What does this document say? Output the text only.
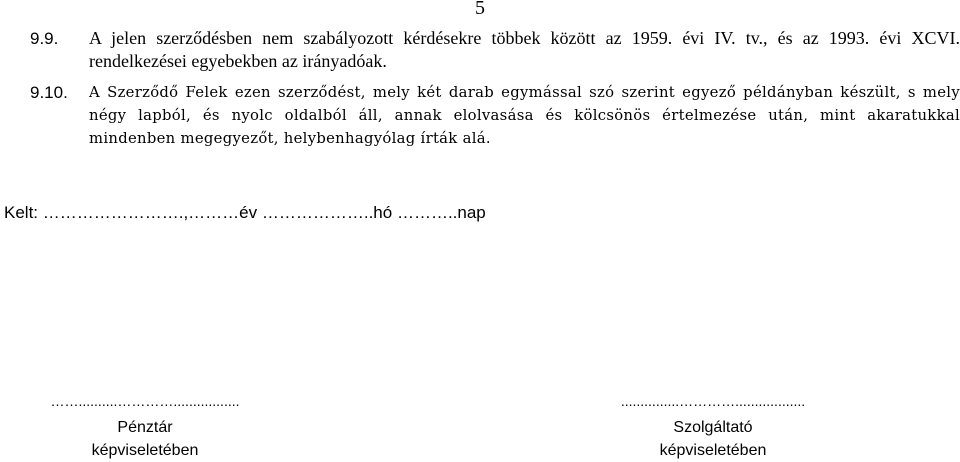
5
9.9.	A jelen szerződésben nem szabályozott kérdésekre többek között az 1959. évi IV. tv., és az 1993. évi XCVI. rendelkezései egyebekben az irányadóak.
9.10.	A Szerződő Felek ezen szerződést, mely két darab egymással szó szerint egyező példányban készült, s mely négy lapból, és nyolc oldalból áll, annak elolvasása és kölcsönös értelmezése után, mint akaratukkal mindenben megegyezőt, helybenhagyólag írták alá.
Kelt: …………………….,………év ………………..hó ………..nap
……..........………….................
Pénztár
képviseletében
...............…………..................
Szolgáltató
képviseletében
